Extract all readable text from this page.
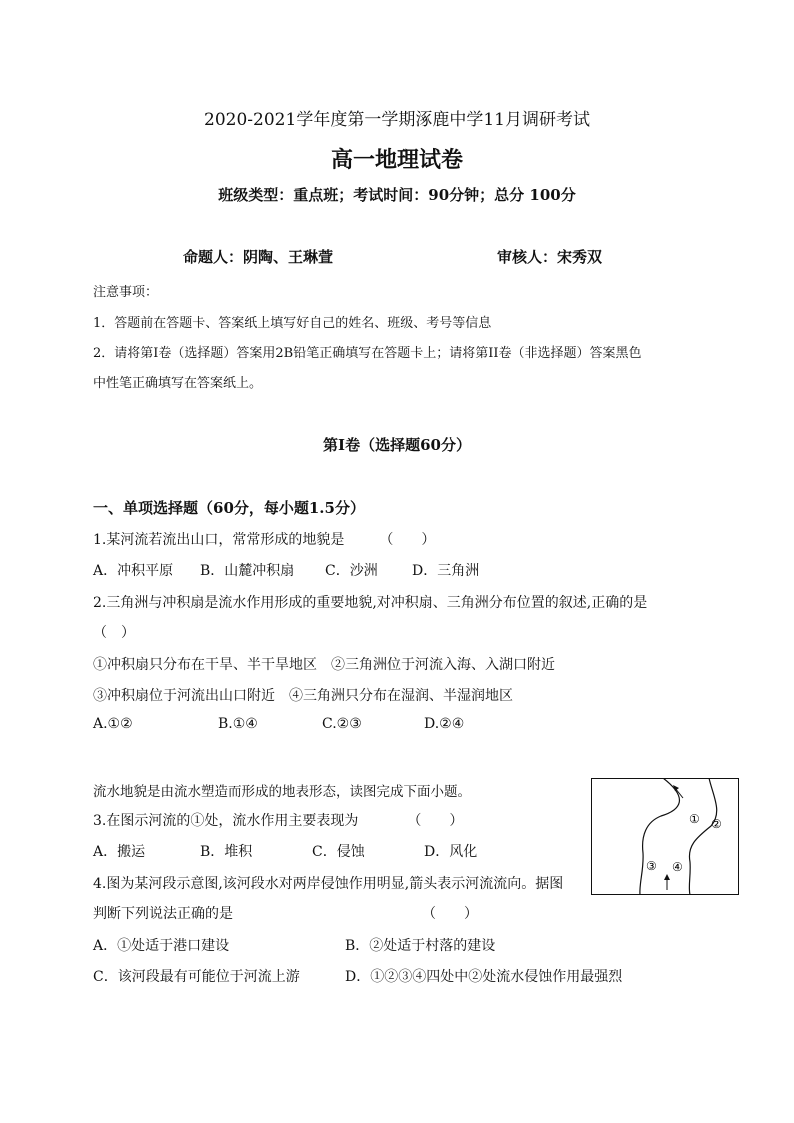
2020-2021学年度第一学期涿鹿中学11月调研考试
高一地理试卷
班级类型：重点班；考试时间：90分钟；总分 100分
命题人：阴陶、王琳萱	审核人：宋秀双
注意事项：
1．答题前在答题卡、答案纸上填写好自己的姓名、班级、考号等信息
2．请将第I卷（选择题）答案用2B铅笔正确填写在答题卡上；请将第II卷（非选择题）答案黑色
中性笔正确填写在答案纸上。
第I卷（选择题60分）
一、单项选择题（60分，每小题1.5分）
1.某河流若流出山口，常常形成的地貌是　　　（　　）
A．冲积平原 B．山麓冲积扇 C．沙洲 D．三角洲
2.三角洲与冲积扇是流水作用形成的重要地貌,对冲积扇、三角洲分布位置的叙述,正确的是
（　）
①冲积扇只分布在干旱、半干旱地区　②三角洲位于河流入海、入湖口附近
③冲积扇位于河流出山口附近　④三角洲只分布在湿润、半湿润地区
A.①②	B.①④	C.②③	D.②④
流水地貌是由流水塑造而形成的地表形态，读图完成下面小题。
3.在图示河流的①处，流水作用主要表现为　　　　（　　）
A．搬运	B．堆积	C．侵蚀	D．风化
4.图为某河段示意图,该河段水对两岸侵蚀作用明显,箭头表示河流流向。据图
判断下列说法正确的是　　　　　　　　　　　　　　（　　）
A．①处适于港口建设	B．②处适于村落的建设
C．该河段最有可能位于河流上游	D．①②③④四处中②处流水侵蚀作用最强烈
① ②
③ ④
